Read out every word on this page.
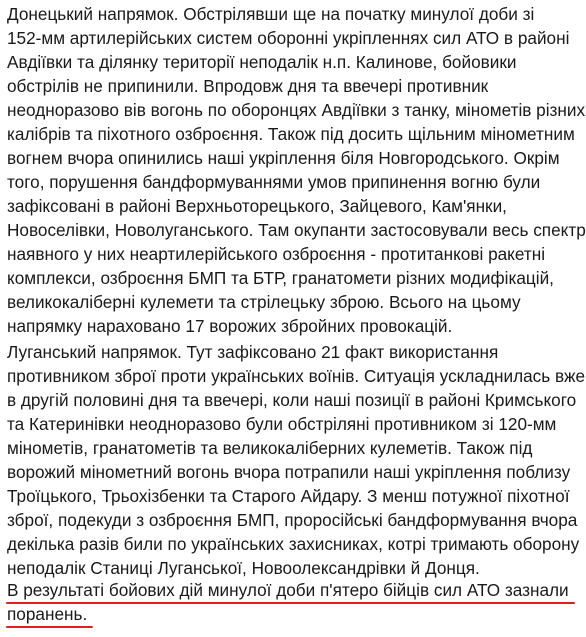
Донецький напрямок. Обстрілявши ще на початку минулої доби зі
152-мм артилерійських систем оборонні укріпленнях сил АТО в районі
Авдіївки та ділянку території неподалік н.п. Калинове, бойовики
обстрілів не припинили. Впродовж дня та ввечері противник
неодноразово вів вогонь по оборонцях Авдіївки з танку, мінометів різних
калібрів та піхотного озброєння. Також під досить щільним мінометним
вогнем вчора опинились наші укріплення біля Новгородського. Окрім
того, порушення бандформуваннями умов припинення вогню були
зафіксовані в районі Верхньоторецького, Зайцевого, Кам'янки,
Новоселівки, Новолуганського. Там окупанти застосовували весь спектр
наявного у них неартилерійського озброєння - протитанкові ракетні
комплекси, озброєння БМП та БТР, гранатомети різних модифікацій,
великокаліберні кулемети та стрілецьку зброю. Всього на цьому
напрямку нараховано 17 ворожих збройних провокацій.

Луганський напрямок. Тут зафіксовано 21 факт використання
противником зброї проти українських воїнів. Ситуація ускладнилась вже
в другій половині дня та ввечері, коли наші позиції в районі Кримського
та Катеринівки неодноразово були обстріляні противником зі 120-мм
мінометів, гранатометів та великокаліберних кулеметів. Також під
ворожий мінометний вогонь вчора потрапили наші укріплення поблизу
Троїцького, Трьохізбенки та Старого Айдару. З менш потужної піхотної
зброї, подекуди з озброєння БМП, проросійські бандформування вчора
декілька разів били по українських захисниках, котрі тримають оборону
неподалік Станиці Луганської, Новоолександрівки й Донця.

В результаті бойових дій минулої доби п'ятеро бійців сил АТО зазнали
поранень.
